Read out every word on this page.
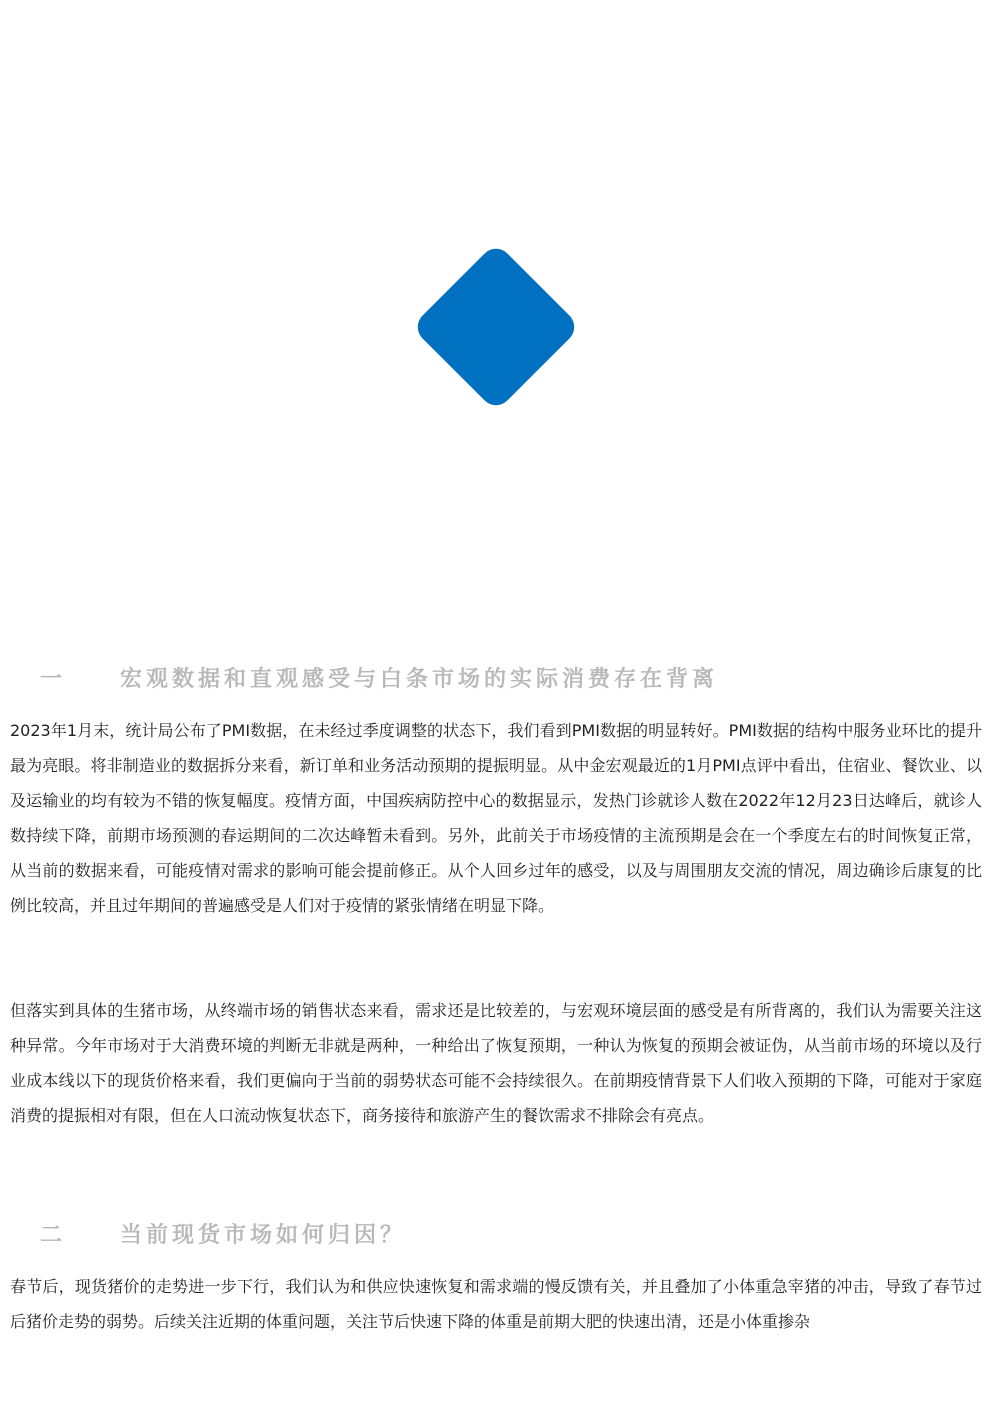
一 宏观数据和直观感受与白条市场的实际消费存在背离

2023年1月末，统计局公布了PMI数据，在未经过季度调整的状态下，我们看到PMI数据的明显转好。PMI数据的结构中服务业环比的提升最为亮眼。将非制造业的数据拆分来看，新订单和业务活动预期的提振明显。从中金宏观最近的1月PMI点评中看出，住宿业、餐饮业、以及运输业的均有较为不错的恢复幅度。疫情方面，中国疾病防控中心的数据显示，发热门诊就诊人数在2022年12月23日达峰后，就诊人数持续下降，前期市场预测的春运期间的二次达峰暂未看到。另外，此前关于市场疫情的主流预期是会在一个季度左右的时间恢复正常，从当前的数据来看，可能疫情对需求的影响可能会提前修正。从个人回乡过年的感受，以及与周围朋友交流的情况，周边确诊后康复的比例比较高，并且过年期间的普遍感受是人们对于疫情的紧张情绪在明显下降。

但落实到具体的生猪市场，从终端市场的销售状态来看，需求还是比较差的，与宏观环境层面的感受是有所背离的，我们认为需要关注这种异常。今年市场对于大消费环境的判断无非就是两种，一种给出了恢复预期，一种认为恢复的预期会被证伪，从当前市场的环境以及行业成本线以下的现货价格来看，我们更偏向于当前的弱势状态可能不会持续很久。在前期疫情背景下人们收入预期的下降，可能对于家庭消费的提振相对有限，但在人口流动恢复状态下，商务接待和旅游产生的餐饮需求不排除会有亮点。

二 当前现货市场如何归因？

春节后，现货猪价的走势进一步下行，我们认为和供应快速恢复和需求端的慢反馈有关，并且叠加了小体重急宰猪的冲击，导致了春节过后猪价走势的弱势。后续关注近期的体重问题，关注节后快速下降的体重是前期大肥的快速出清，还是小体重掺杂
